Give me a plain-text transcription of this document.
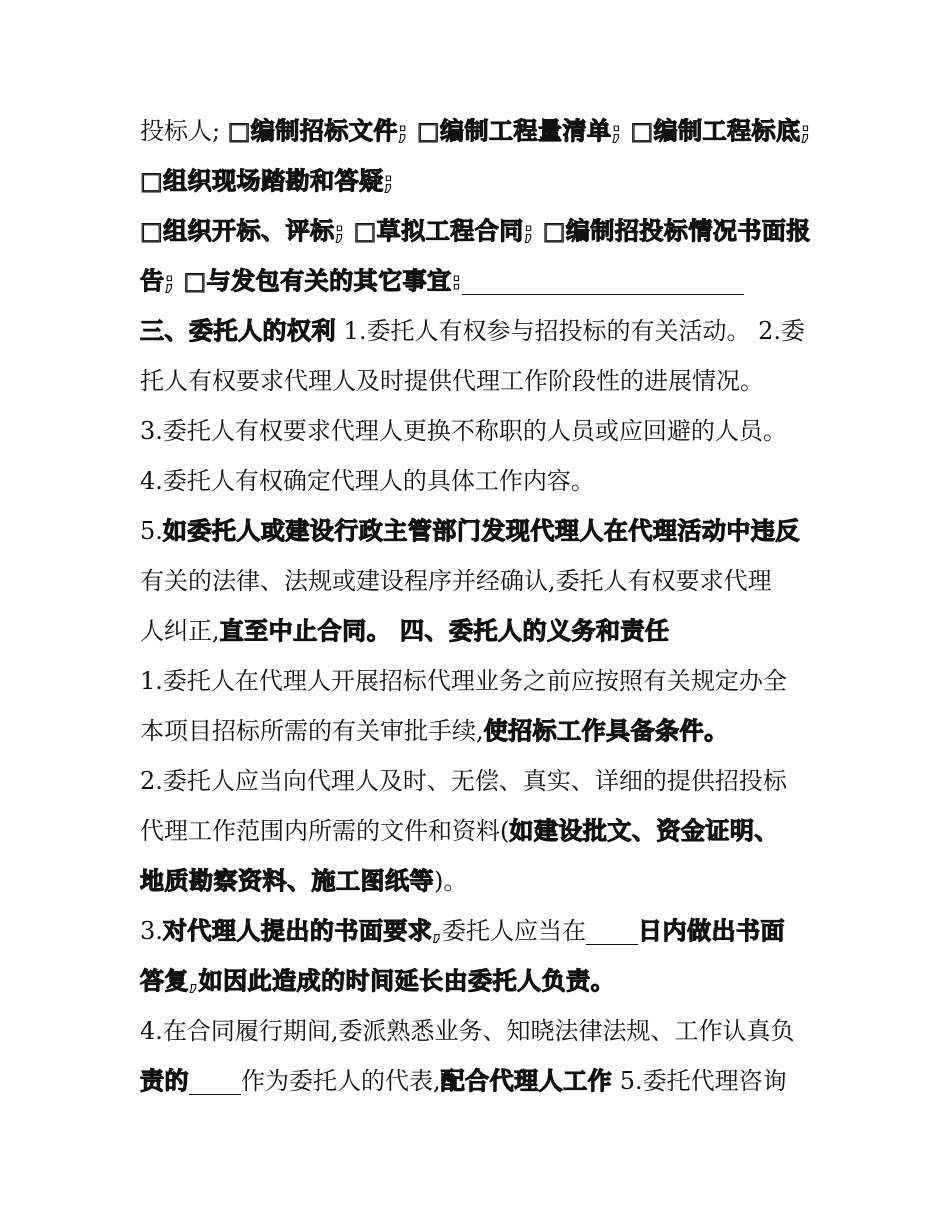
投标人; □编制招标文件; □编制工程量清单; □编制工程标底;
□组织现场踏勘和答疑;
□组织开标、评标; □草拟工程合同; □编制招投标情况书面报
告; □与发包有关的其它事宜:
三、委托人的权利 1.委托人有权参与招投标的有关活动。 2.委
托人有权要求代理人及时提供代理工作阶段性的进展情况。
3.委托人有权要求代理人更换不称职的人员或应回避的人员。
4.委托人有权确定代理人的具体工作内容。
5.如委托人或建设行政主管部门发现代理人在代理活动中违反
有关的法律、法规或建设程序并经确认,委托人有权要求代理
人纠正,直至中止合同。 四、委托人的义务和责任
1.委托人在代理人开展招标代理业务之前应按照有关规定办全
本项目招标所需的有关审批手续,使招标工作具备条件。
2.委托人应当向代理人及时、无偿、真实、详细的提供招投标
代理工作范围内所需的文件和资料(如建设批文、资金证明、
地质勘察资料、施工图纸等)。
3.对代理人提出的书面要求,委托人应当在 日内做出书面
答复,如因此造成的时间延长由委托人负责。
4.在合同履行期间,委派熟悉业务、知晓法律法规、工作认真负
责的 作为委托人的代表,配合代理人工作 5.委托代理咨询
